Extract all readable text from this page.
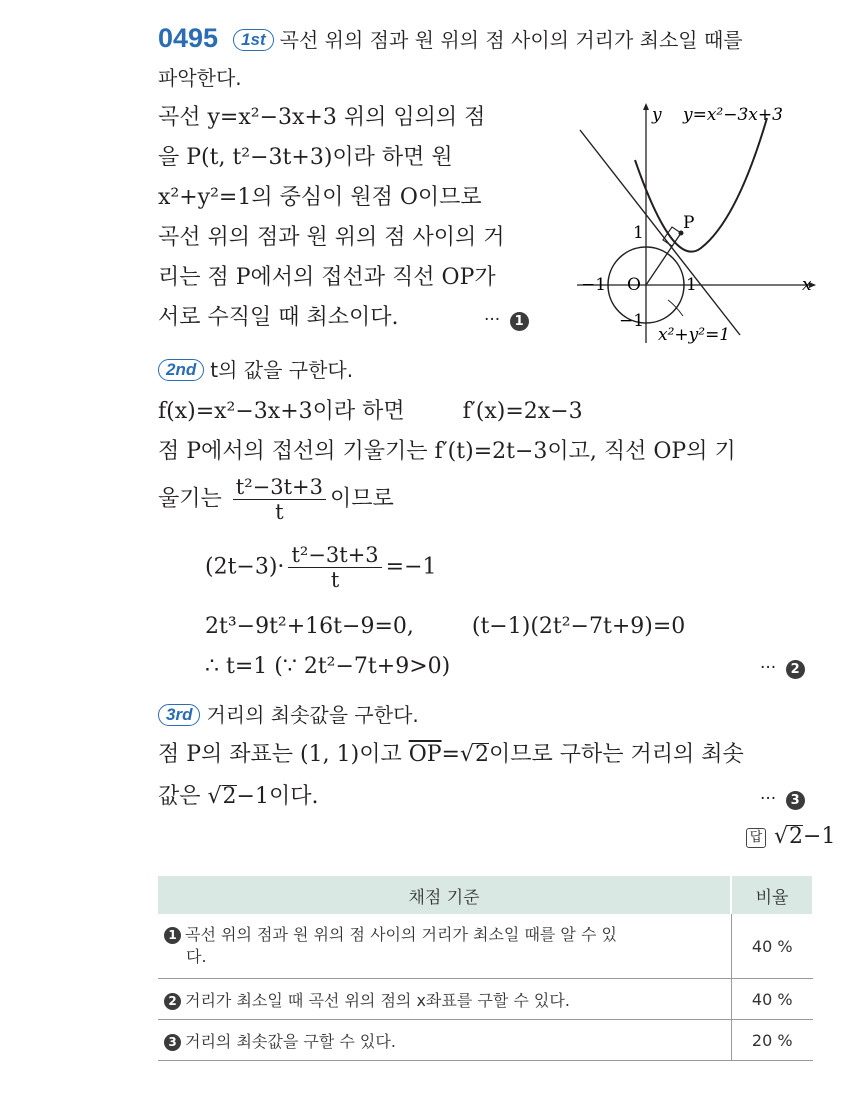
0495 1st 곡선 위의 점과 원 위의 점 사이의 거리가 최소일 때를
파악한다.
곡선 y=x²−3x+3 위의 임의의 점
을 P(t, t²−3t+3)이라 하면 원
x²+y²=1의 중심이 원점 O이므로
곡선 위의 점과 원 위의 점 사이의 거
리는 점 P에서의 접선과 직선 OP가
서로 수직일 때 최소이다.	··· 1
y y=x²−3x+3
P
1
−1 O	1	x
−1
x²+y²=1
2nd t의 값을 구한다.
f(x)=x²−3x+3이라 하면	f′(x)=2x−3
점 P에서의 접선의 기울기는 f′(t)=2t−3이고, 직선 OP의 기
울기는 $\frac{\text{t²−3t+3}}{t}$ 이므로
$(2t-3)\cdot \frac{\text{t²−3t+3}}{t} =-1$
2t³−9t²+16t−9=0,	(t−1)(2t²−7t+9)=0
∴ t=1 (∵ 2t²−7t+9>0)	··· 2
3rd 거리의 최솟값을 구한다.
점 P의 좌표는 (1, 1)이고 $\overline{OP}=√2$이므로 구하는 거리의 최솟
값은 √2−1이다.	··· 3
답 √2−1
채점 기준	비율
1 곡선 위의 점과 원 위의 점 사이의 거리가 최소일 때를 알 수 있
다.	40 %
2 거리가 최소일 때 곡선 위의 점의 x좌표를 구할 수 있다.	40 %
3 거리의 최솟값을 구할 수 있다.	20 %
